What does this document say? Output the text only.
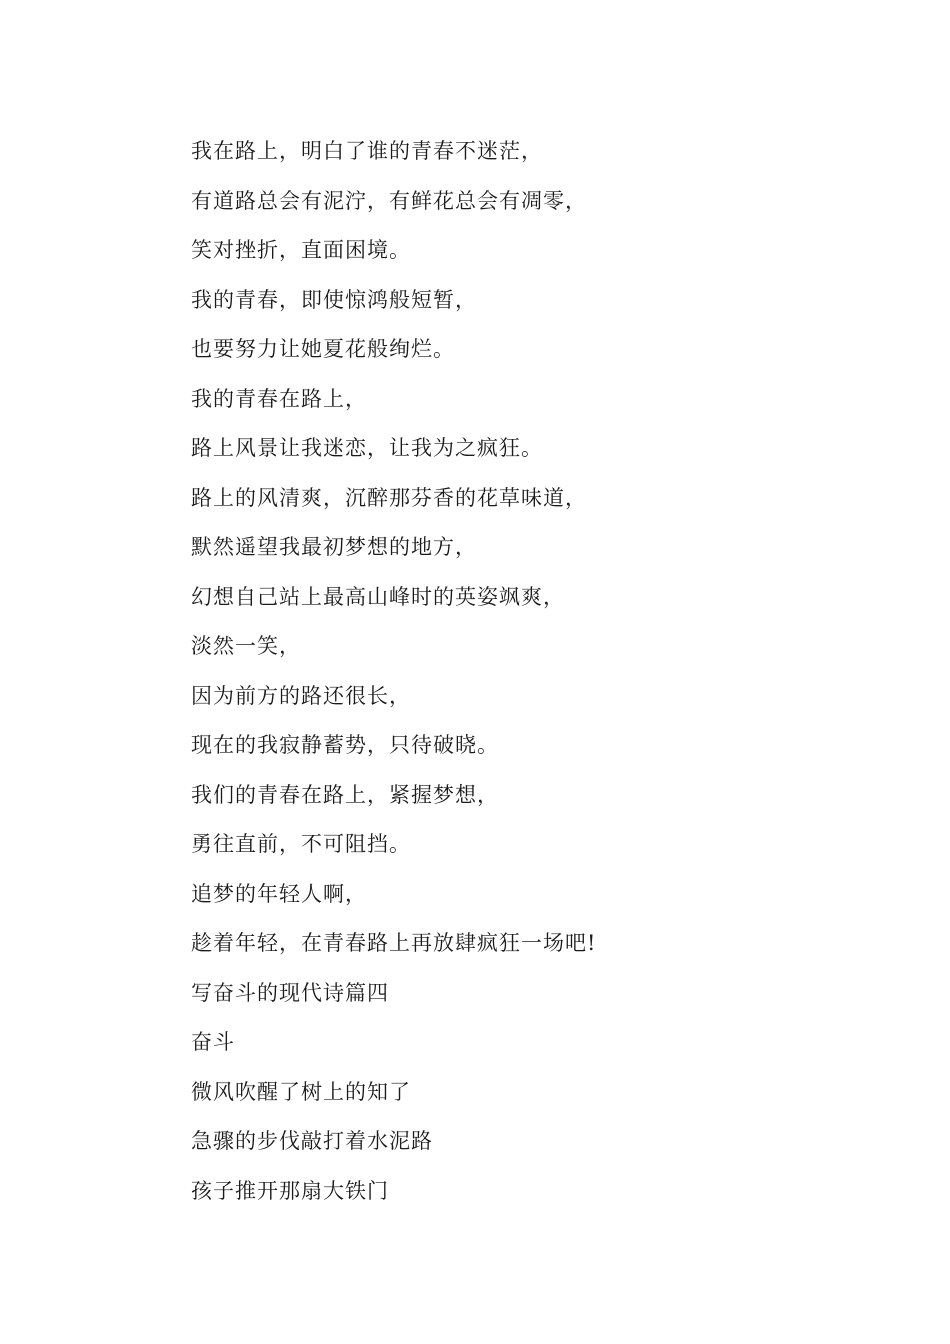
我在路上，明白了谁的青春不迷茫，
有道路总会有泥泞，有鲜花总会有凋零，
笑对挫折，直面困境。
我的青春，即使惊鸿般短暂，
也要努力让她夏花般绚烂。
我的青春在路上，
路上风景让我迷恋，让我为之疯狂。
路上的风清爽，沉醉那芬香的花草味道，
默然遥望我最初梦想的地方，
幻想自己站上最高山峰时的英姿飒爽，
淡然一笑，
因为前方的路还很长，
现在的我寂静蓄势，只待破晓。
我们的青春在路上，紧握梦想，
勇往直前，不可阻挡。
追梦的年轻人啊，
趁着年轻，在青春路上再放肆疯狂一场吧!
写奋斗的现代诗篇四
奋斗
微风吹醒了树上的知了
急骤的步伐敲打着水泥路
孩子推开那扇大铁门
